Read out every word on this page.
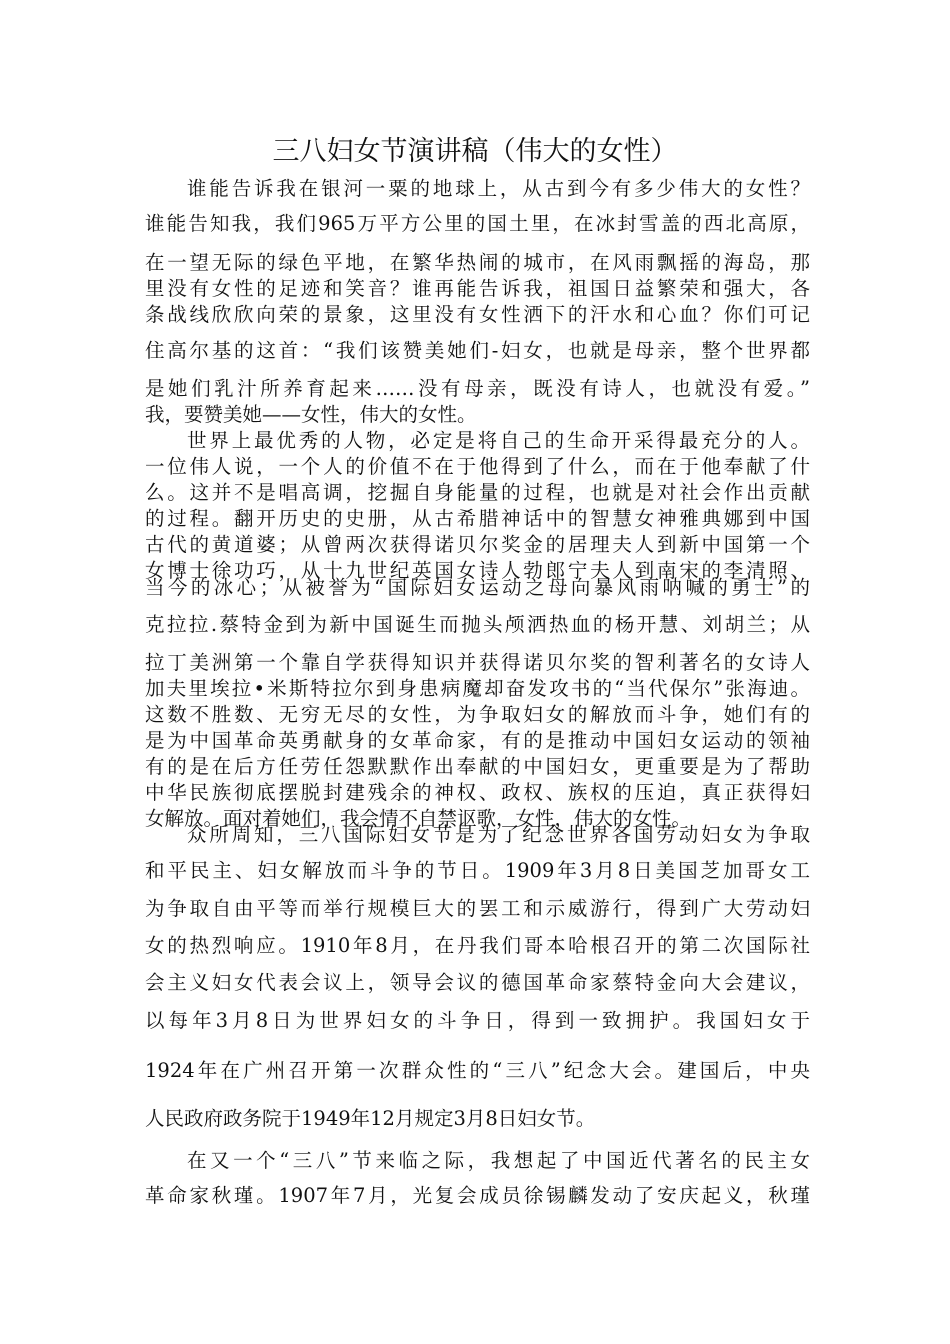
三八妇女节演讲稿（伟大的女性）
谁能告诉我在银河一粟的地球上，从古到今有多少伟大的女性？
谁能告知我，我们965万平方公里的国土里，在冰封雪盖的西北高原，
在一望无际的绿色平地，在繁华热闹的城市，在风雨飘摇的海岛，那
里没有女性的足迹和笑音？谁再能告诉我，祖国日益繁荣和强大，各
条战线欣欣向荣的景象，这里没有女性洒下的汗水和心血？你们可记
住高尔基的这首：“我们该赞美她们-妇女，也就是母亲，整个世界都
是她们乳汁所养育起来……没有母亲，既没有诗人，也就没有爱。”
我，要赞美她——女性，伟大的女性。
世界上最优秀的人物，必定是将自己的生命开采得最充分的人。
一位伟人说，一个人的价值不在于他得到了什么，而在于他奉献了什
么。这并不是唱高调，挖掘自身能量的过程，也就是对社会作出贡献
的过程。翻开历史的史册，从古希腊神话中的智慧女神雅典娜到中国
古代的黄道婆；从曾两次获得诺贝尔奖金的居理夫人到新中国第一个
女博士徐功巧，从十九世纪英国女诗人勃郎宁夫人到南宋的李清照、
当今的冰心；从被誉为“国际妇女运动之母向暴风雨呐喊的勇士”的
克拉拉.蔡特金到为新中国诞生而抛头颅洒热血的杨开慧、刘胡兰；从
拉丁美洲第一个靠自学获得知识并获得诺贝尔奖的智利著名的女诗人
加夫里埃拉•米斯特拉尔到身患病魔却奋发攻书的“当代保尔”张海迪。
这数不胜数、无穷无尽的女性，为争取妇女的解放而斗争，她们有的
是为中国革命英勇献身的女革命家，有的是推动中国妇女运动的领袖
有的是在后方任劳任怨默默作出奉献的中国妇女，更重要是为了帮助
中华民族彻底摆脱封建残余的神权、政权、族权的压迫，真正获得妇
女解放。面对着她们，我会情不自禁讴歌，女性，伟大的女性。
众所周知，三八国际妇女节是为了纪念世界各国劳动妇女为争取
和平民主、妇女解放而斗争的节日。1909年3月8日美国芝加哥女工
为争取自由平等而举行规模巨大的罢工和示威游行，得到广大劳动妇
女的热烈响应。1910年8月，在丹我们哥本哈根召开的第二次国际社
会主义妇女代表会议上，领导会议的德国革命家蔡特金向大会建议，
以每年3月8日为世界妇女的斗争日，得到一致拥护。我国妇女于
1924年在广州召开第一次群众性的“三八”纪念大会。建国后，中央
人民政府政务院于1949年12月规定3月8日妇女节。
在又一个“三八”节来临之际，我想起了中国近代著名的民主女
革命家秋瑾。1907年7月，光复会成员徐锡麟发动了安庆起义，秋瑾
